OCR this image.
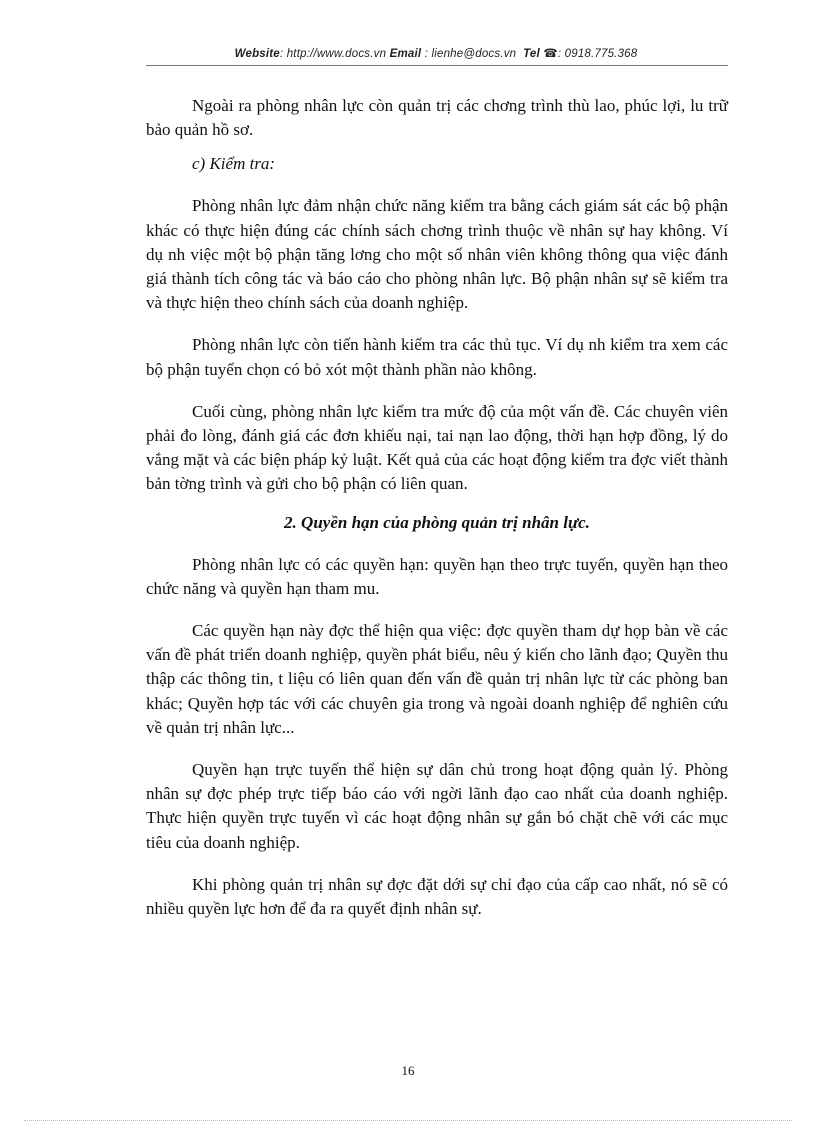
Website: http://www.docs.vn Email : lienhe@docs.vn Tel ☎: 0918.775.368

Ngoài ra phòng nhân lực còn quản trị các chơng trình thù lao, phúc lợi, lu trữ bảo quản hồ sơ.

c) Kiểm tra:

Phòng nhân lực đảm nhận chức năng kiểm tra bằng cách giám sát các bộ phận khác có thực hiện đúng các chính sách chơng trình thuộc về nhân sự hay không. Ví dụ nh việc một bộ phận tăng lơng cho một số nhân viên không thông qua việc đánh giá thành tích công tác và báo cáo cho phòng nhân lực. Bộ phận nhân sự sẽ kiểm tra và thực hiện theo chính sách của doanh nghiệp.

Phòng nhân lực còn tiến hành kiểm tra các thủ tục. Ví dụ nh kiểm tra xem các bộ phận tuyển chọn có bỏ xót một thành phần nào không.

Cuối cùng, phòng nhân lực kiểm tra mức độ của một vấn đề. Các chuyên viên phải đo lòng, đánh giá các đơn khiếu nại, tai nạn lao động, thời hạn hợp đồng, lý do vắng mặt và các biện pháp kỷ luật. Kết quả của các hoạt động kiểm tra đợc viết thành bản tờng trình và gửi cho bộ phận có liên quan.

2. Quyền hạn của phòng quản trị nhân lực.

Phòng nhân lực có các quyền hạn: quyền hạn theo trực tuyến, quyền hạn theo chức năng và quyền hạn tham mu.

Các quyền hạn này đợc thể hiện qua việc: đợc quyền tham dự họp bàn về các vấn đề phát triển doanh nghiệp, quyền phát biểu, nêu ý kiến cho lãnh đạo; Quyền thu thập các thông tin, t liệu có liên quan đến vấn đề quản trị nhân lực từ các phòng ban khác; Quyền hợp tác với các chuyên gia trong và ngoài doanh nghiệp để nghiên cứu về quản trị nhân lực...

Quyền hạn trực tuyến thể hiện sự dân chủ trong hoạt động quản lý. Phòng nhân sự đợc phép trực tiếp báo cáo với ngời lãnh đạo cao nhất của doanh nghiệp. Thực hiện quyền trực tuyến vì các hoạt động nhân sự gắn bó chặt chẽ với các mục tiêu của doanh nghiệp.

Khi phòng quản trị nhân sự đợc đặt dới sự chỉ đạo của cấp cao nhất, nó sẽ có nhiều quyền lực hơn để đa ra quyết định nhân sự.

16
